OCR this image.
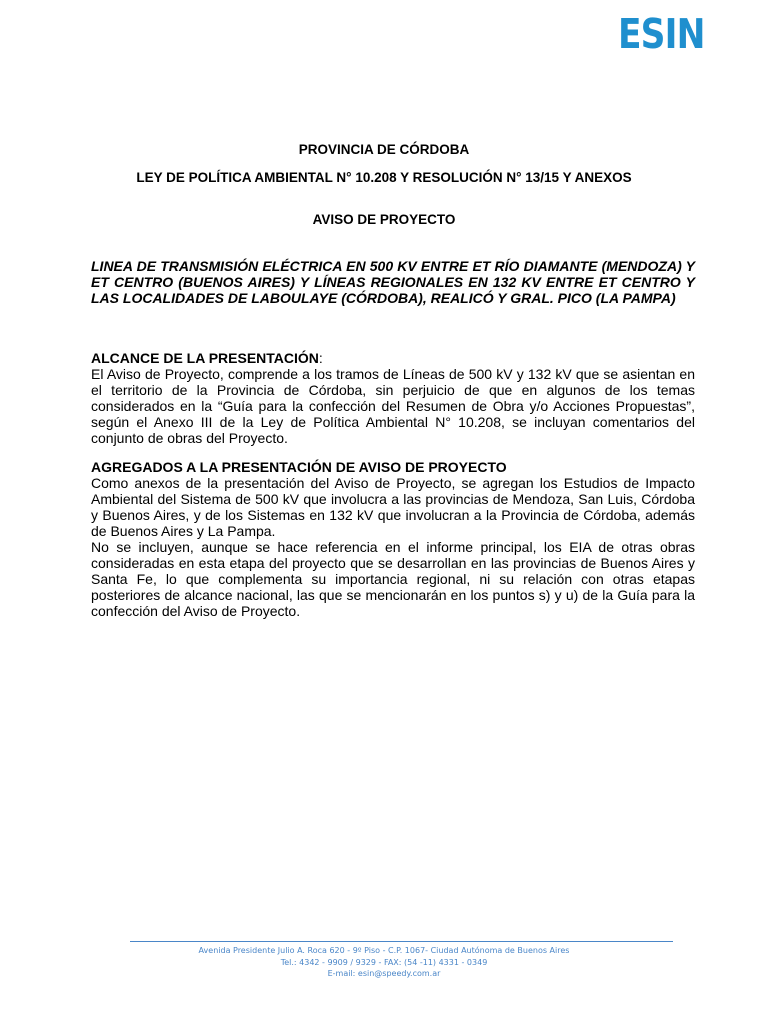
ESIN
PROVINCIA DE CÓRDOBA
LEY DE POLÍTICA AMBIENTAL N° 10.208 Y RESOLUCIÓN N° 13/15 Y ANEXOS
AVISO DE PROYECTO

LINEA DE TRANSMISIÓN ELÉCTRICA EN 500 KV ENTRE ET RÍO DIAMANTE (MENDOZA) Y ET CENTRO (BUENOS AIRES) Y LÍNEAS REGIONALES EN 132 KV ENTRE ET CENTRO Y LAS LOCALIDADES DE LABOULAYE (CÓRDOBA), REALICÓ Y GRAL. PICO (LA PAMPA)

ALCANCE DE LA PRESENTACIÓN:

El Aviso de Proyecto, comprende a los tramos de Líneas de 500 kV y 132 kV que se asientan en el territorio de la Provincia de Córdoba, sin perjuicio de que en algunos de los temas considerados en la “Guía para la confección del Resumen de Obra y/o Acciones Propuestas”, según el Anexo III de la Ley de Política Ambiental N° 10.208, se incluyan comentarios del conjunto de obras del Proyecto.

AGREGADOS A LA PRESENTACIÓN DE AVISO DE PROYECTO

Como anexos de la presentación del Aviso de Proyecto, se agregan los Estudios de Impacto Ambiental del Sistema de 500 kV que involucra a las provincias de Mendoza, San Luis, Córdoba y Buenos Aires, y de los Sistemas en 132 kV que involucran a la Provincia de Córdoba, además de Buenos Aires y La Pampa.

No se incluyen, aunque se hace referencia en el informe principal, los EIA de otras obras consideradas en esta etapa del proyecto que se desarrollan en las provincias de Buenos Aires y Santa Fe, lo que complementa su importancia regional, ni su relación con otras etapas posteriores de alcance nacional, las que se mencionarán en los puntos s) y u) de la Guía para la confección del Aviso de Proyecto.

Avenida Presidente Julio A. Roca 620 - 9º Piso - C.P. 1067- Ciudad Autónoma de Buenos Aires
Tel.: 4342 - 9909 / 9329 - FAX: (54 -11) 4331 - 0349
E-mail: esin@speedy.com.ar
